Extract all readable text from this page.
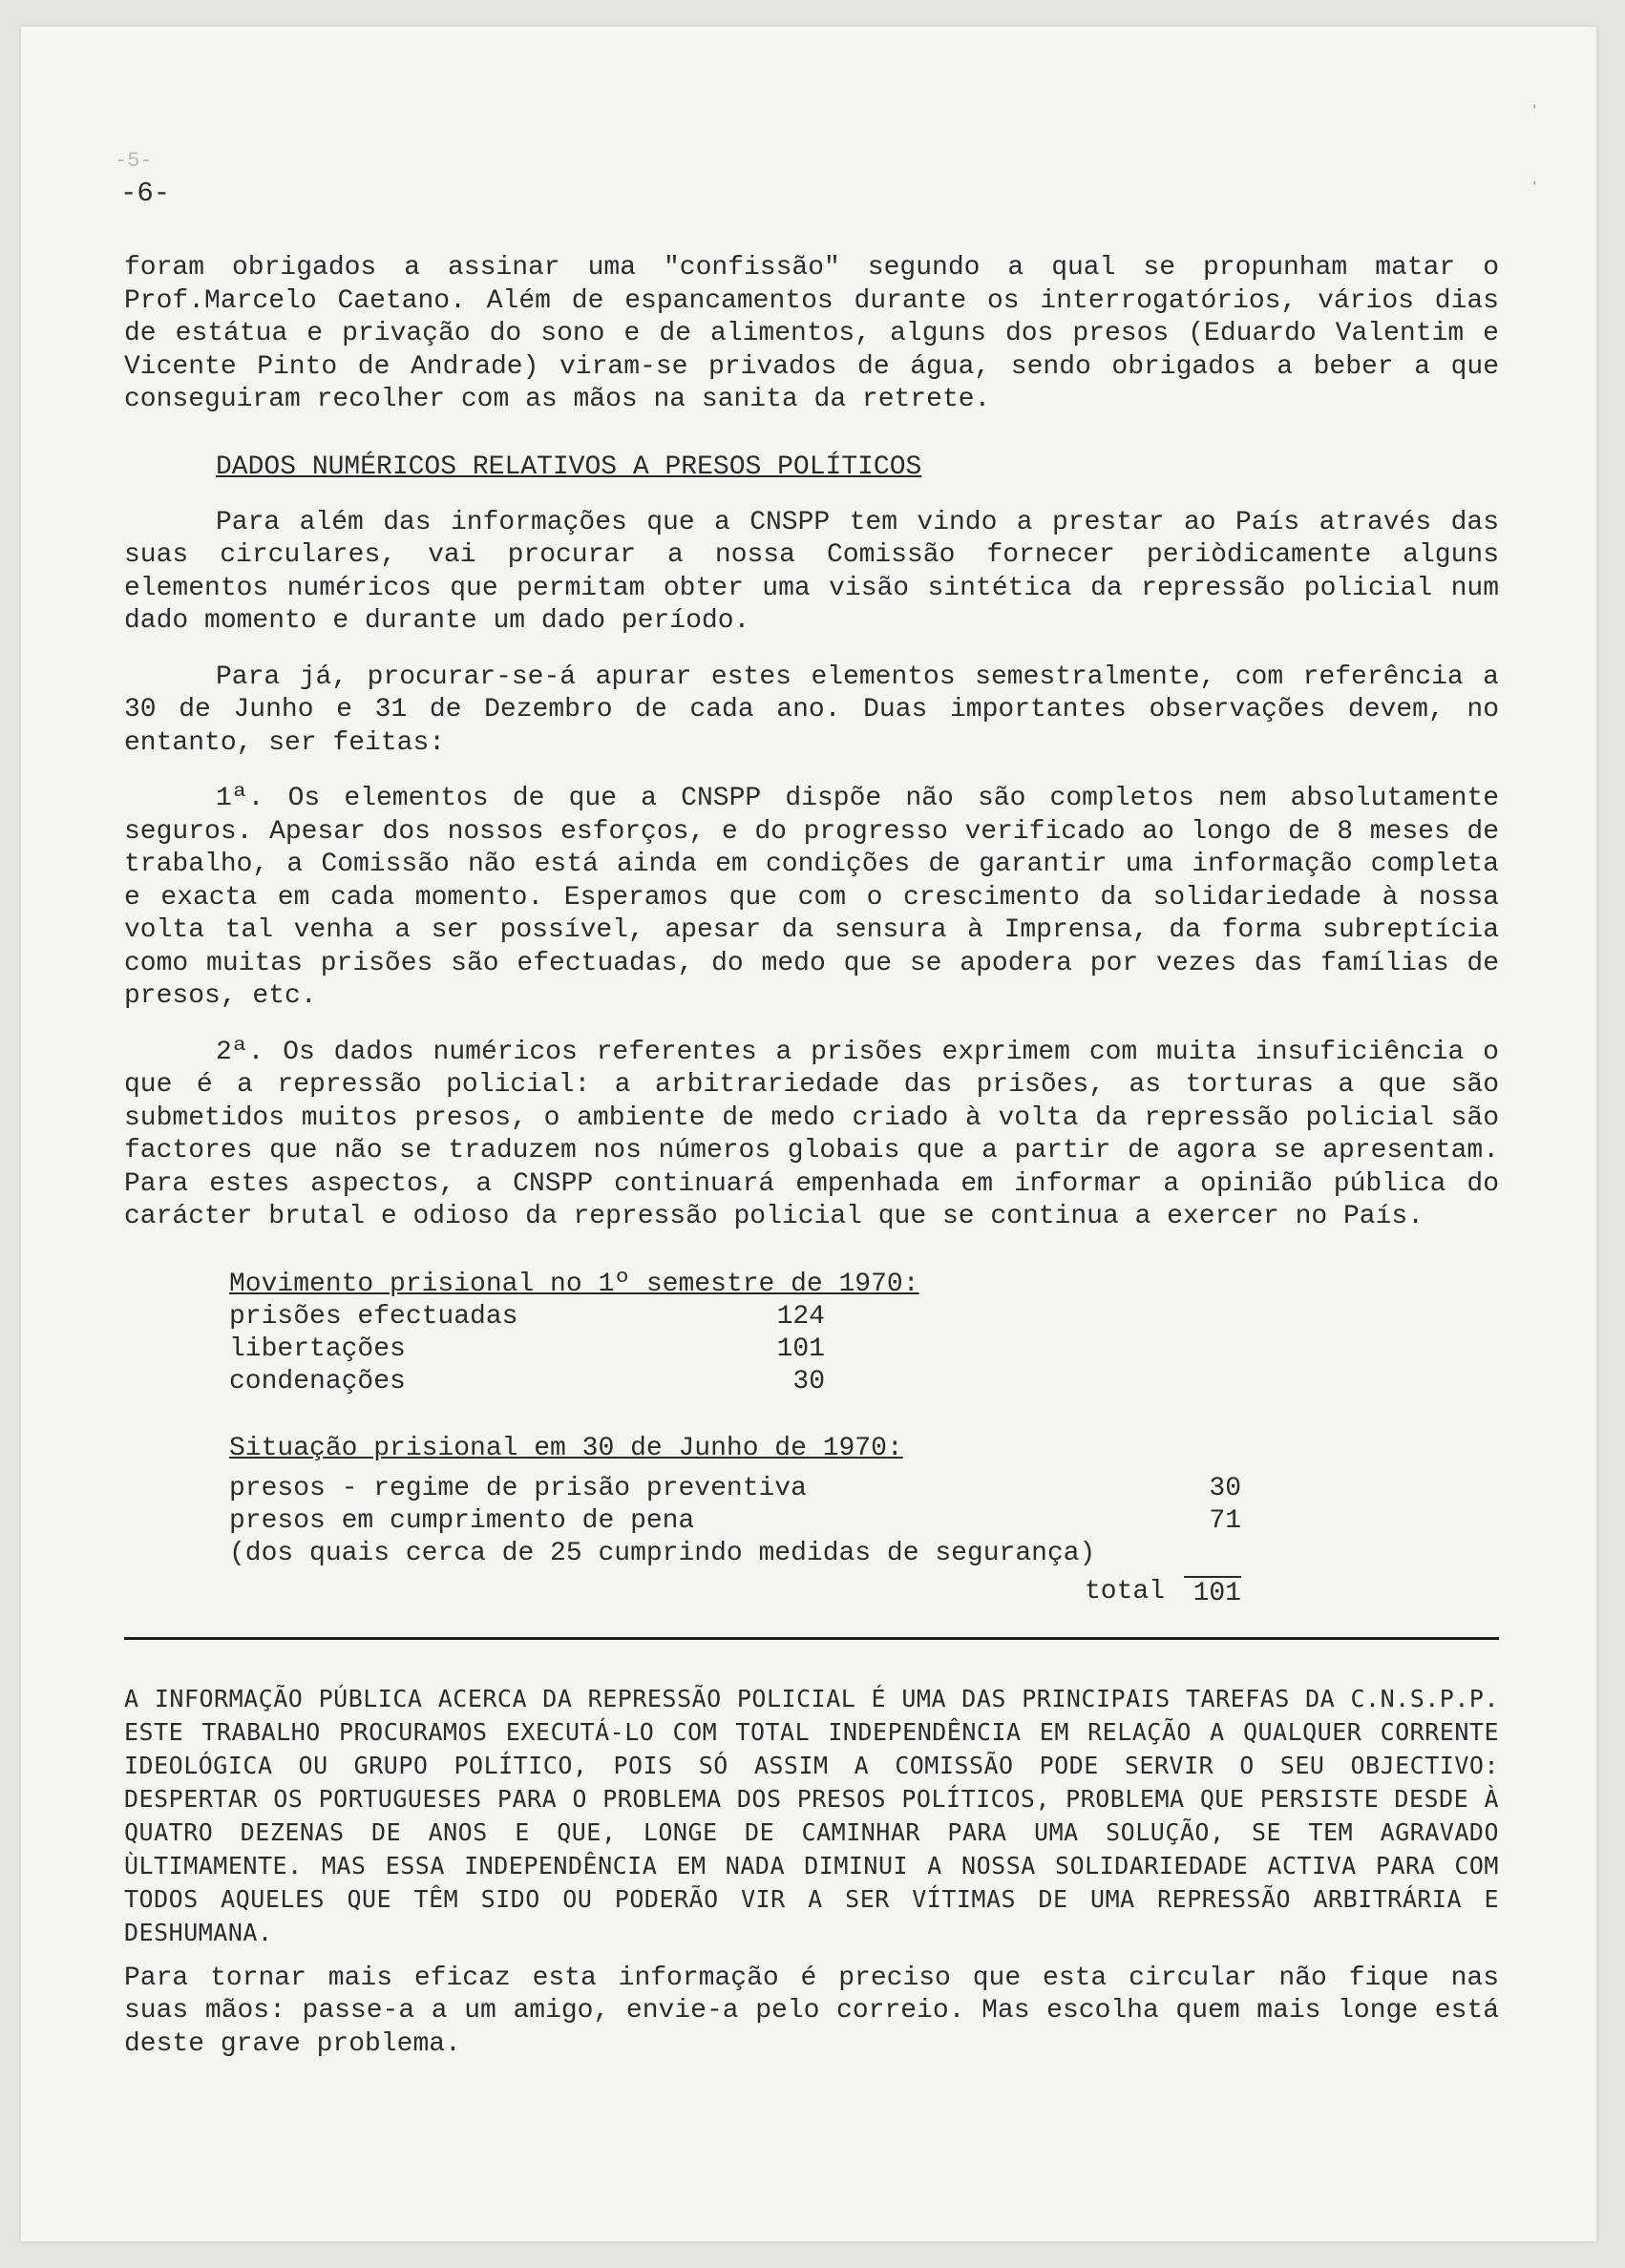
-5-
-6-
ˈ
ˈ

foram obrigados a assinar uma "confissão" segundo a qual se propunham matar o Prof.Marcelo Caetano. Além de espancamentos durante os interrogatórios, vários dias de estátua e privação do sono e de alimentos, alguns dos presos (Eduardo Valentim e Vicente Pinto de Andrade) viram-se privados de água, sendo obrigados a beber a que conseguiram recolher com as mãos na sanita da retrete.

DADOS NUMÉRICOS RELATIVOS A PRESOS POLÍTICOS

Para além das informações que a CNSPP tem vindo a prestar ao País através das suas circulares, vai procurar a nossa Comissão fornecer periòdicamente alguns elementos numéricos que permitam obter uma visão sintética da repressão policial num dado momento e durante um dado período.

Para já, procurar-se-á apurar estes elementos semestralmente, com referência a 30 de Junho e 31 de Dezembro de cada ano. Duas importantes observações devem, no entanto, ser feitas:

1ª. Os elementos de que a CNSPP dispõe não são completos nem absolutamente seguros. Apesar dos nossos esforços, e do progresso verificado ao longo de 8 meses de trabalho, a Comissão não está ainda em condições de garantir uma informação completa e exacta em cada momento. Esperamos que com o crescimento da solidariedade à nossa volta tal venha a ser possível, apesar da sensura à Imprensa, da forma subreptícia como muitas prisões são efectuadas, do medo que se apodera por vezes das famílias de presos, etc.

2ª. Os dados numéricos referentes a prisões exprimem com muita insuficiência o que é a repressão policial: a arbitrariedade das prisões, as torturas a que são submetidos muitos presos, o ambiente de medo criado à volta da repressão policial são factores que não se traduzem nos números globais que a partir de agora se apresentam. Para estes aspectos, a CNSPP continuará empenhada em informar a opinião pública do carácter brutal e odioso da repressão policial que se continua a exercer no País.

Movimento prisional no 1º semestre de 1970:
prisões efectuadas	124
libertações	101
condenações	30
Situação prisional em 30 de Junho de 1970:
presos - regime de prisão preventiva	30
presos em cumprimento de pena	71
(dos quais cerca de 25 cumprindo medidas de segurança)
total	101

A INFORMAÇÃO PÚBLICA ACERCA DA REPRESSÃO POLICIAL É UMA DAS PRINCIPAIS TAREFAS DA C.N.S.P.P. ESTE TRABALHO PROCURAMOS EXECUTÁ-LO COM TOTAL INDEPENDÊNCIA EM RELAÇÃO A QUALQUER CORRENTE IDEOLÓGICA OU GRUPO POLÍTICO, POIS SÓ ASSIM A COMISSÃO PODE SERVIR O SEU OBJECTIVO: DESPERTAR OS PORTUGUESES PARA O PROBLEMA DOS PRESOS POLÍTICOS, PROBLEMA QUE PERSISTE DESDE À QUATRO DEZENAS DE ANOS E QUE, LONGE DE CAMINHAR PARA UMA SOLUÇÃO, SE TEM AGRAVADO ÙLTIMAMENTE. MAS ESSA INDEPENDÊNCIA EM NADA DIMINUI A NOSSA SOLIDARIEDADE ACTIVA PARA COM TODOS AQUELES QUE TÊM SIDO OU PODERÃO VIR A SER VÍTIMAS DE UMA REPRESSÃO ARBITRÁRIA E DESHUMANA.

Para tornar mais eficaz esta informação é preciso que esta circular não fique nas suas mãos: passe-a a um amigo, envie-a pelo correio. Mas escolha quem mais longe está deste grave problema.
